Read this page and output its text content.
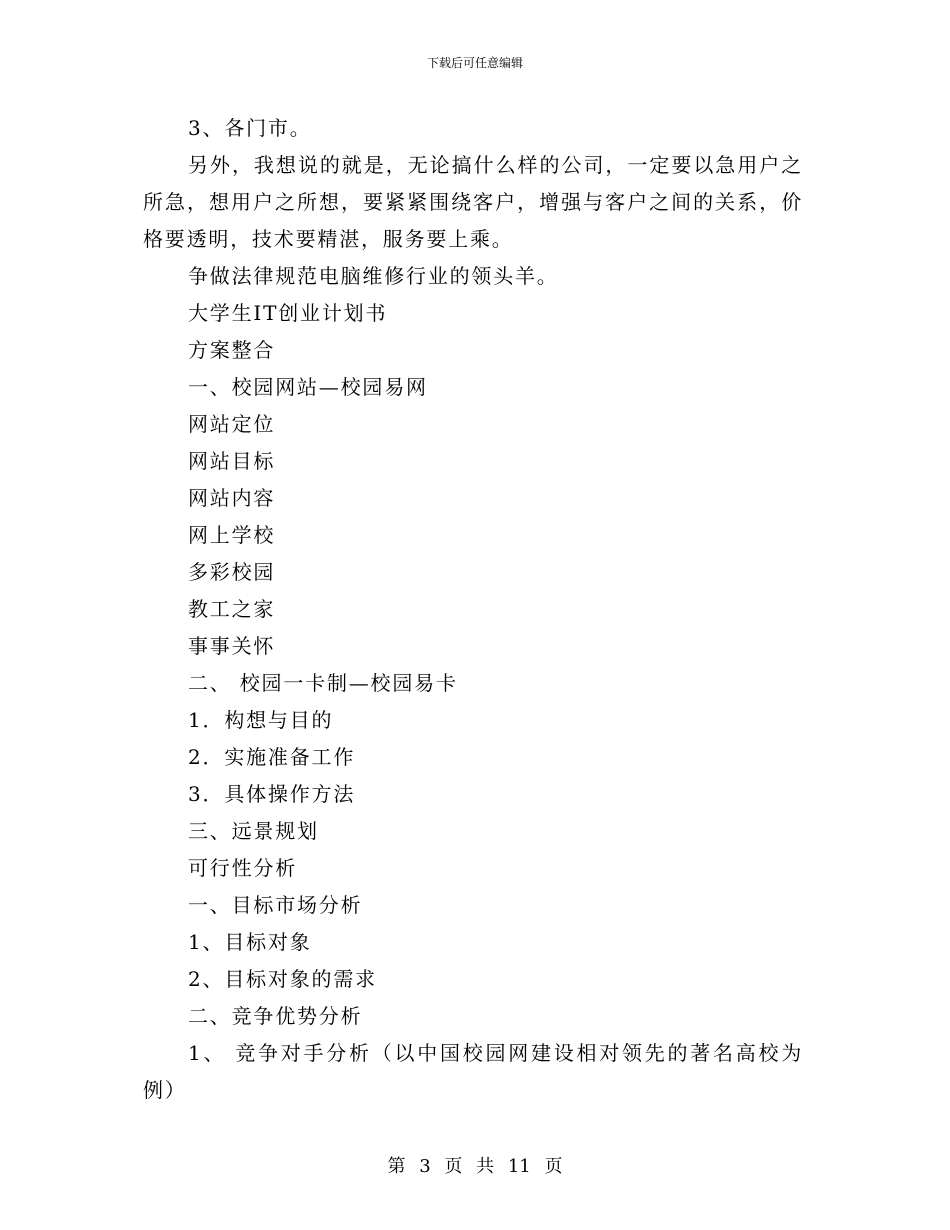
下载后可任意编辑

3、各门市。

另外，我想说的就是，无论搞什么样的公司，一定要以急用户之所急，想用户之所想，要紧紧围绕客户，增强与客户之间的关系，价格要透明，技术要精湛，服务要上乘。

争做法律规范电脑维修行业的领头羊。

大学生IT创业计划书

方案整合

一、校园网站—校园易网

网站定位

网站目标

网站内容

网上学校

多彩校园

教工之家

事事关怀

二、 校园一卡制—校园易卡

1．构想与目的

2．实施准备工作

3．具体操作方法

三、远景规划

可行性分析

一、目标市场分析

1、目标对象

2、目标对象的需求

二、竞争优势分析

1、 竞争对手分析（以中国校园网建设相对领先的著名高校为例）

第 3 页 共 11 页
